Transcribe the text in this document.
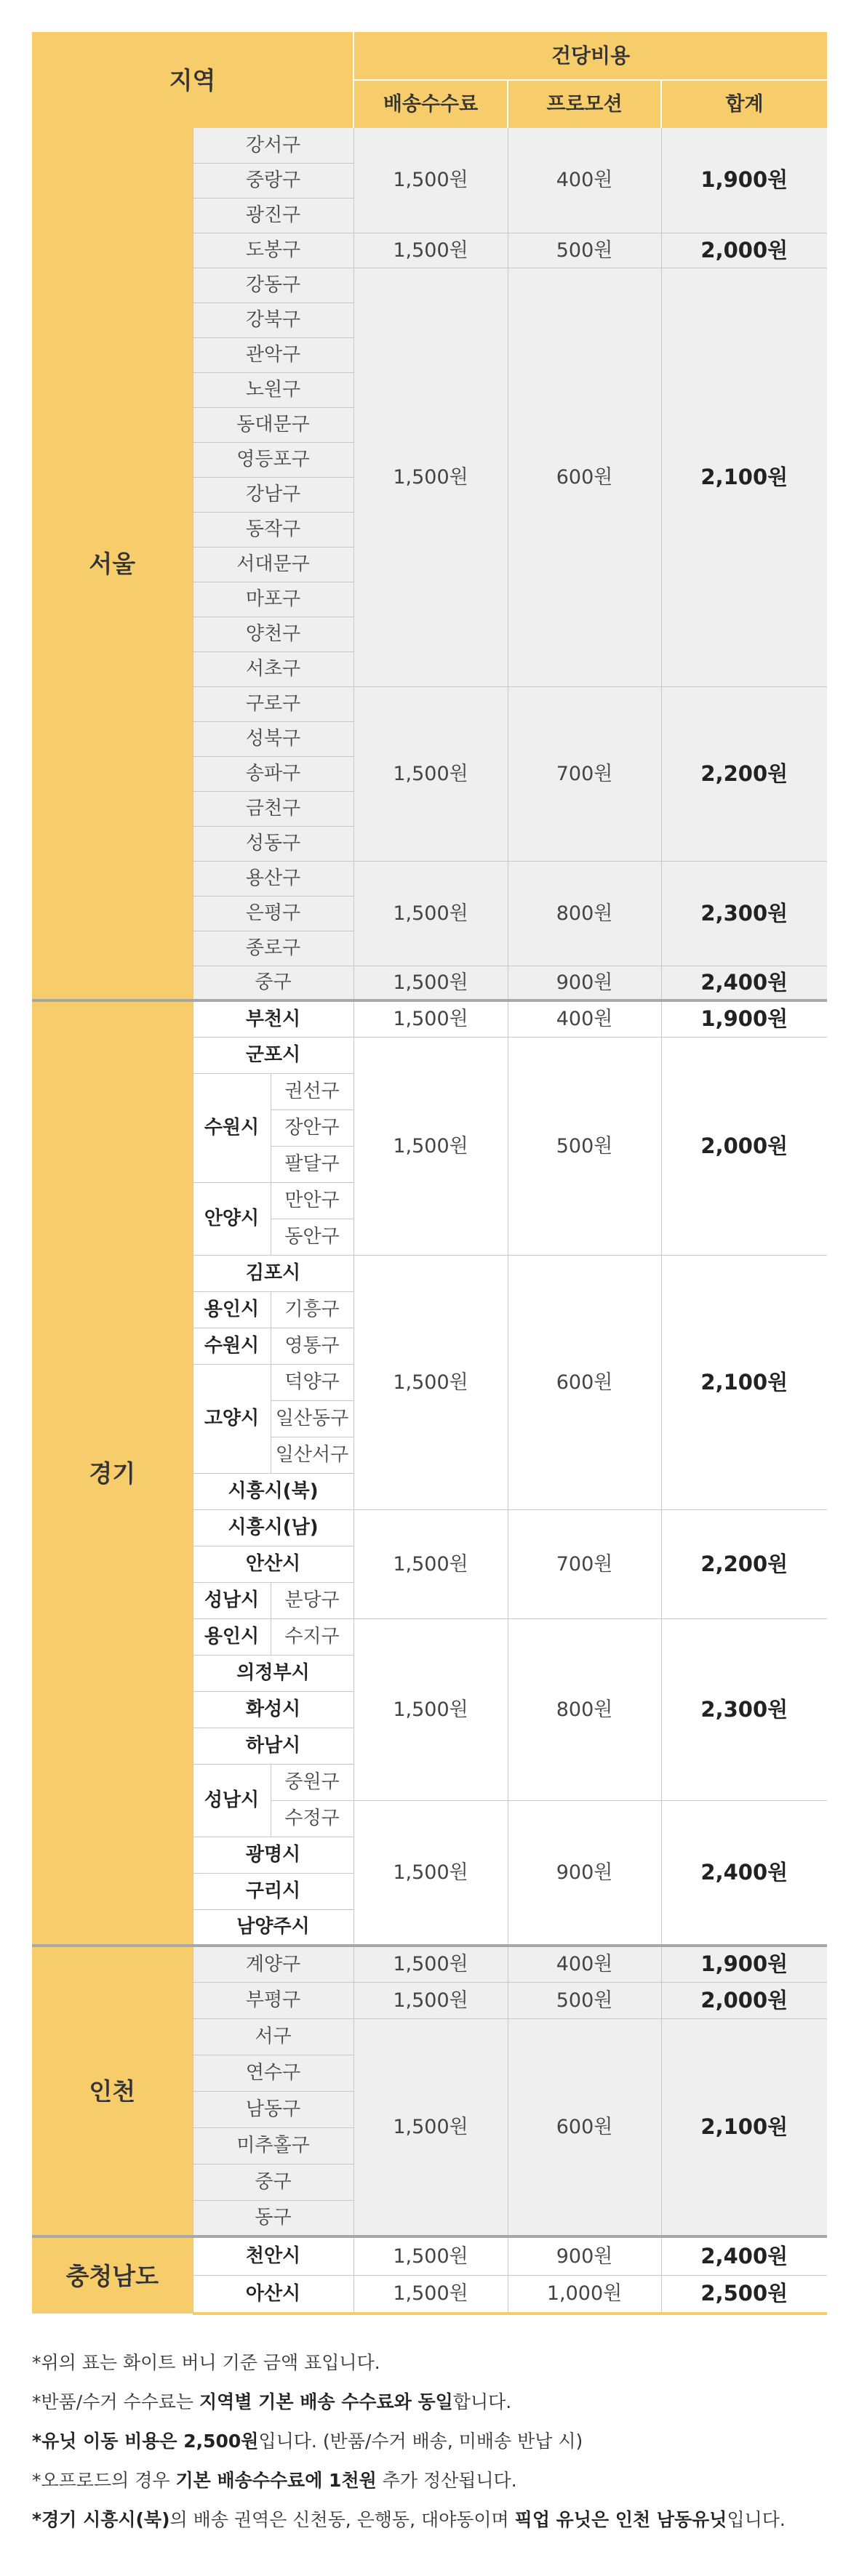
지역			건당비용		
			배송수수료	프로모션	합계
서울	강서구		1,500원	400원	1,900원
	중랑구				
	광진구				
	도봉구		1,500원	500원	2,000원
	강동구		1,500원	600원	2,100원
	강북구				
	관악구				
	노원구				
	동대문구				
	영등포구				
	강남구				
	동작구				
	서대문구				
	마포구				
	양천구				
	서초구				
	구로구		1,500원	700원	2,200원
	성북구				
	송파구				
	금천구				
	성동구				
	용산구		1,500원	800원	2,300원
	은평구				
	종로구				
	중구		1,500원	900원	2,400원
경기	부천시		1,500원	400원	1,900원
	군포시		1,500원	500원	2,000원
	수원시	권선구			
		장안구			
		팔달구			
	안양시	만안구			
		동안구			
	김포시		1,500원	600원	2,100원
	용인시	기흥구			
	수원시	영통구			
	고양시	덕양구			
		일산동구			
		일산서구			
	시흥시(북)				
	시흥시(남)		1,500원	700원	2,200원
	안산시				
	성남시	분당구			
	용인시	수지구	1,500원	800원	2,300원
	의정부시				
	화성시				
	하남시				
	성남시	중원구			
		수정구	1,500원	900원	2,400원
	광명시				
	구리시				
	남양주시				
인천	계양구		1,500원	400원	1,900원
	부평구		1,500원	500원	2,000원
	서구		1,500원	600원	2,100원
	연수구				
	남동구				
	미추홀구				
	중구				
	동구				
충청남도	천안시		1,500원	900원	2,400원
	아산시		1,500원	1,000원	2,500원
*위의 표는 화이트 버니 기준 금액 표입니다.
*반품/수거 수수료는 지역별 기본 배송 수수료와 동일합니다.
*유닛 이동 비용은 2,500원입니다. (반품/수거 배송, 미배송 반납 시)
*오프로드의 경우 기본 배송수수료에 1천원 추가 정산됩니다.
*경기 시흥시(북)의 배송 권역은 신천동, 은행동, 대야동이며 픽업 유닛은 인천 남동유닛입니다.
